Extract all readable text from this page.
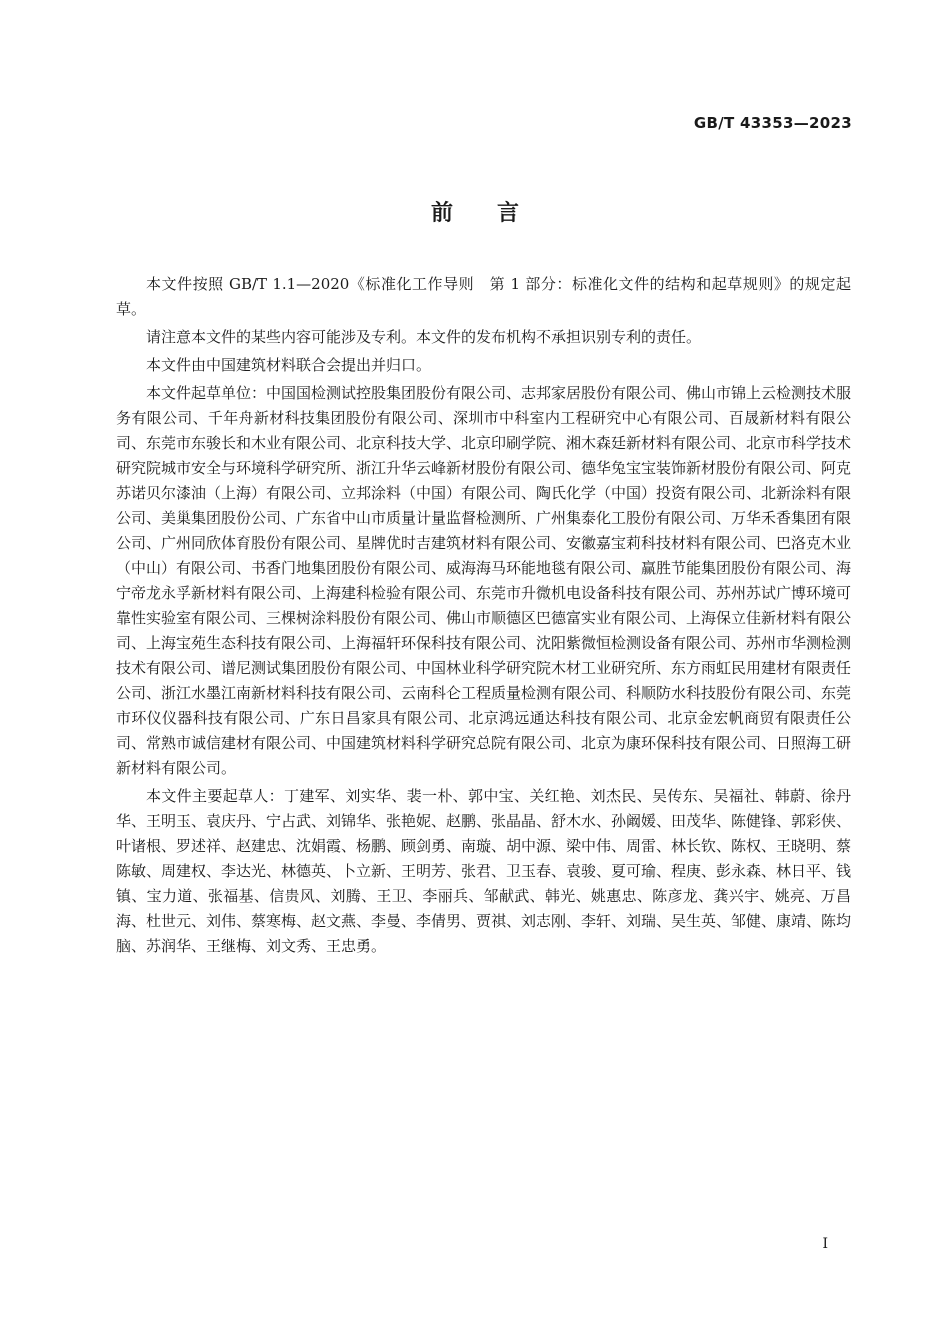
GB/T 43353—2023
前言

本文件按照 GB/T 1.1—2020《标准化工作导则　第 1 部分：标准化文件的结构和起草规则》的规定起草。

请注意本文件的某些内容可能涉及专利。本文件的发布机构不承担识别专利的责任。

本文件由中国建筑材料联合会提出并归口。

本文件起草单位：中国国检测试控股集团股份有限公司、志邦家居股份有限公司、佛山市锦上云检测技术服务有限公司、千年舟新材科技集团股份有限公司、深圳市中科室内工程研究中心有限公司、百晟新材料有限公司、东莞市东骏长和木业有限公司、北京科技大学、北京印刷学院、湘木森廷新材料有限公司、北京市科学技术研究院城市安全与环境科学研究所、浙江升华云峰新材股份有限公司、德华兔宝宝装饰新材股份有限公司、阿克苏诺贝尔漆油（上海）有限公司、立邦涂料（中国）有限公司、陶氏化学（中国）投资有限公司、北新涂料有限公司、美巢集团股份公司、广东省中山市质量计量监督检测所、广州集泰化工股份有限公司、万华禾香集团有限公司、广州同欣体育股份有限公司、星牌优时吉建筑材料有限公司、安徽嘉宝莉科技材料有限公司、巴洛克木业（中山）有限公司、书香门地集团股份有限公司、威海海马环能地毯有限公司、赢胜节能集团股份有限公司、海宁帝龙永孚新材料有限公司、上海建科检验有限公司、东莞市升微机电设备科技有限公司、苏州苏试广博环境可靠性实验室有限公司、三棵树涂料股份有限公司、佛山市顺德区巴德富实业有限公司、上海保立佳新材料有限公司、上海宝苑生态科技有限公司、上海福轩环保科技有限公司、沈阳紫微恒检测设备有限公司、苏州市华测检测技术有限公司、谱尼测试集团股份有限公司、中国林业科学研究院木材工业研究所、东方雨虹民用建材有限责任公司、浙江水墨江南新材料科技有限公司、云南科仑工程质量检测有限公司、科顺防水科技股份有限公司、东莞市环仪仪器科技有限公司、广东日昌家具有限公司、北京鸿远通达科技有限公司、北京金宏帆商贸有限责任公司、常熟市诚信建材有限公司、中国建筑材料科学研究总院有限公司、北京为康环保科技有限公司、日照海工研新材料有限公司。

本文件主要起草人：丁建军、刘实华、裴一朴、郭中宝、关红艳、刘杰民、吴传东、吴福社、韩蔚、徐丹华、王明玉、袁庆丹、宁占武、刘锦华、张艳妮、赵鹏、张晶晶、舒木水、孙阚媛、田茂华、陈健锋、郭彩侠、叶诸根、罗述祥、赵建忠、沈娟霞、杨鹏、顾剑勇、南璇、胡中源、梁中伟、周雷、林长钦、陈权、王晓明、蔡陈敏、周建权、李达光、林德英、卜立新、王明芳、张君、卫玉春、袁骏、夏可瑜、程庚、彭永森、林日平、钱镇、宝力道、张福基、信贵风、刘腾、王卫、李丽兵、邹献武、韩光、姚惠忠、陈彦龙、龚兴宇、姚亮、万昌海、杜世元、刘伟、蔡寒梅、赵文燕、李曼、李倩男、贾祺、刘志刚、李轩、刘瑞、吴生英、邹健、康靖、陈均脑、苏润华、王继梅、刘文秀、王忠勇。

I
